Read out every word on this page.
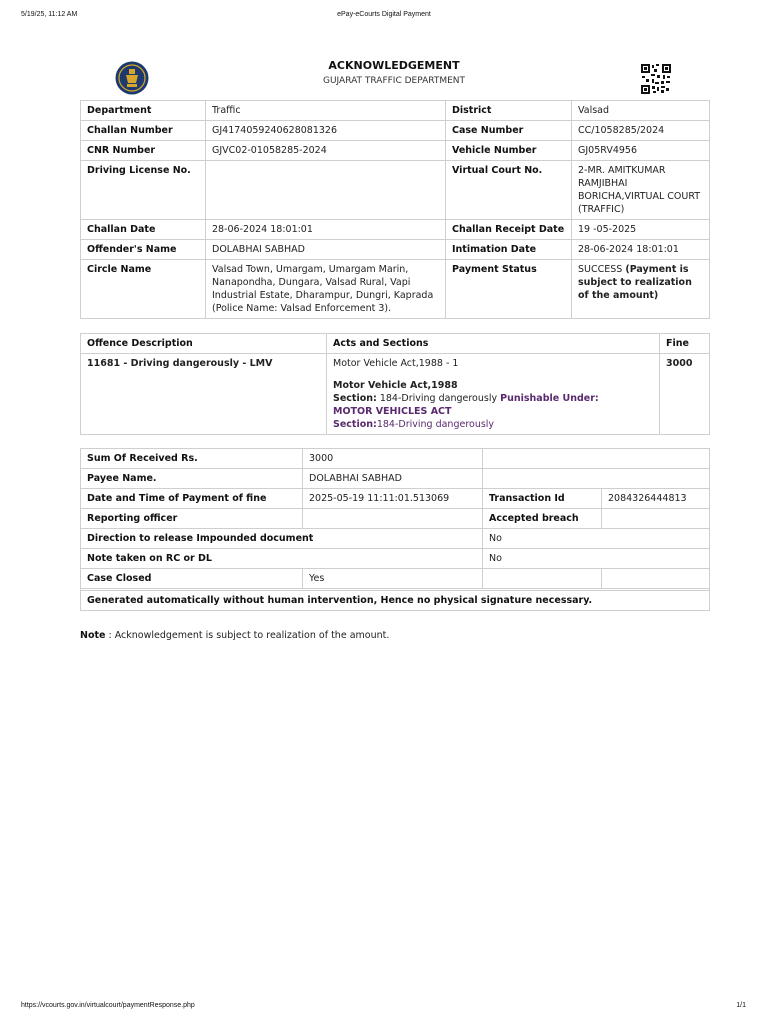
5/19/25, 11:12 AM	ePay-eCourts Digital Payment
ACKNOWLEDGEMENT
GUJARAT TRAFFIC DEPARTMENT
Department	Traffic	District	Valsad
Challan Number	GJ4174059240628081326	Case Number	CC/1058285/2024
CNR Number	GJVC02-01058285-2024	Vehicle Number	GJ05RV4956
Driving License No.		Virtual Court No.	2-MR. AMITKUMAR RAMJIBHAI BORICHA,VIRTUAL COURT (TRAFFIC)
Challan Date	28-06-2024 18:01:01	Challan Receipt Date	19 -05-2025
Offender's Name	DOLABHAI SABHAD	Intimation Date	28-06-2024 18:01:01
Circle Name	Valsad Town, Umargam, Umargam Marin, Nanapondha, Dungara, Valsad Rural, Vapi Industrial Estate, Dharampur, Dungri, Kaprada (Police Name: Valsad Enforcement 3).	Payment Status	SUCCESS (Payment is subject to realization of the amount)
Offence Description	Acts and Sections	Fine
11681 - Driving dangerously - LMV	Motor Vehicle Act,1988 - 1
Motor Vehicle Act,1988
Section: 184-Driving dangerously Punishable Under:
MOTOR VEHICLES ACT
Section:184-Driving dangerously	3000
Sum Of Received Rs.	3000		
Payee Name.	DOLABHAI SABHAD		
Date and Time of Payment of fine	2025-05-19 11:11:01.513069	Transaction Id	2084326444813
Reporting officer		Accepted breach	
Direction to release Impounded document		No	
Note taken on RC or DL		No	
Case Closed	Yes		

Generated automatically without human intervention, Hence no physical signature necessary.			
Note : Acknowledgement is subject to realization of the amount.
https://vcourts.gov.in/virtualcourt/paymentResponse.php	1/1
